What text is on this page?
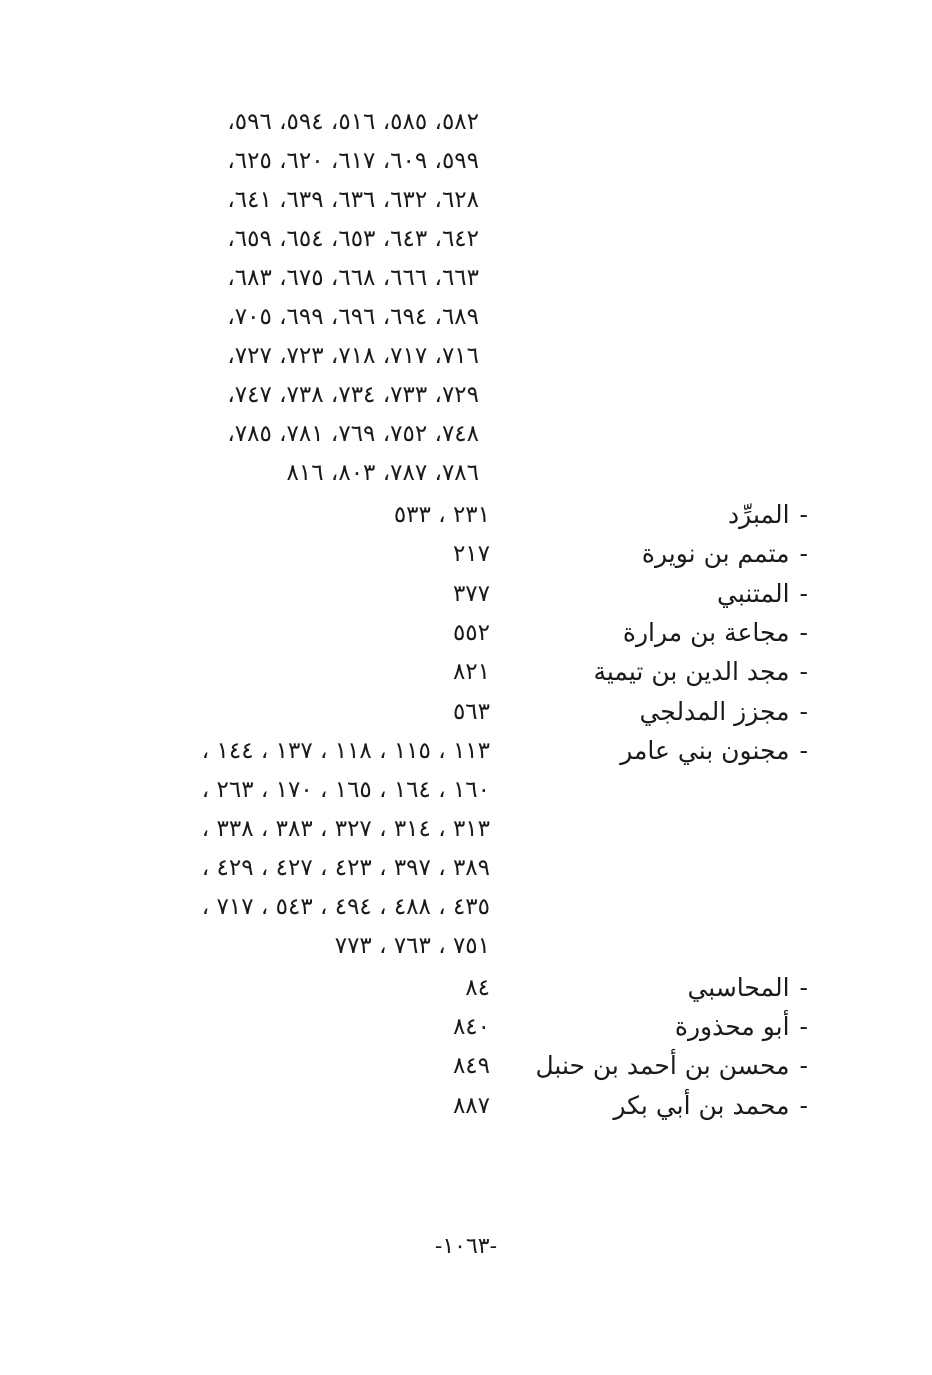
٥٨٢، ٥٨٥، ٥١٦، ٥٩٤، ٥٩٦،
٥٩٩، ٦٠٩، ٦١٧، ٦٢٠، ٦٢٥،
٦٢٨، ٦٣٢، ٦٣٦، ٦٣٩، ٦٤١،
٦٤٢، ٦٤٣، ٦٥٣، ٦٥٤، ٦٥٩،
٦٦٣، ٦٦٦، ٦٦٨، ٦٧٥، ٦٨٣،
٦٨٩، ٦٩٤، ٦٩٦، ٦٩٩، ٧٠٥،
٧١٦، ٧١٧، ٧١٨، ٧٢٣، ٧٢٧،
٧٢٩، ٧٣٣، ٧٣٤، ٧٣٨، ٧٤٧،
٧٤٨، ٧٥٢، ٧٦٩، ٧٨١، ٧٨٥،
٧٨٦، ٧٨٧، ٨٠٣، ٨١٦
-المبرِّد
٢٣١ ، ٥٣٣
-متمم بن نويرة
٢١٧
-المتنبي
٣٧٧
-مجاعة بن مرارة
٥٥٢
-مجد الدين بن تيمية
٨٢١
-مجزز المدلجي
٥٦٣
-مجنون بني عامر
١١٣ ، ١١٥ ، ١١٨ ، ١٣٧ ، ١٤٤ ،
١٦٠ ، ١٦٤ ، ١٦٥ ، ١٧٠ ، ٢٦٣ ،
٣١٣ ، ٣١٤ ، ٣٢٧ ، ٣٨٣ ، ٣٣٨ ،
٣٨٩ ، ٣٩٧ ، ٤٢٣ ، ٤٢٧ ، ٤٢٩ ،
٤٣٥ ، ٤٨٨ ، ٤٩٤ ، ٥٤٣ ، ٧١٧ ،
٧٥١ ، ٧٦٣ ، ٧٧٣
-المحاسبي
٨٤
-أبو محذورة
٨٤٠
-محسن بن أحمد بن حنبل
٨٤٩
-محمد بن أبي بكر
٨٨٧
-١٠٦٣-
